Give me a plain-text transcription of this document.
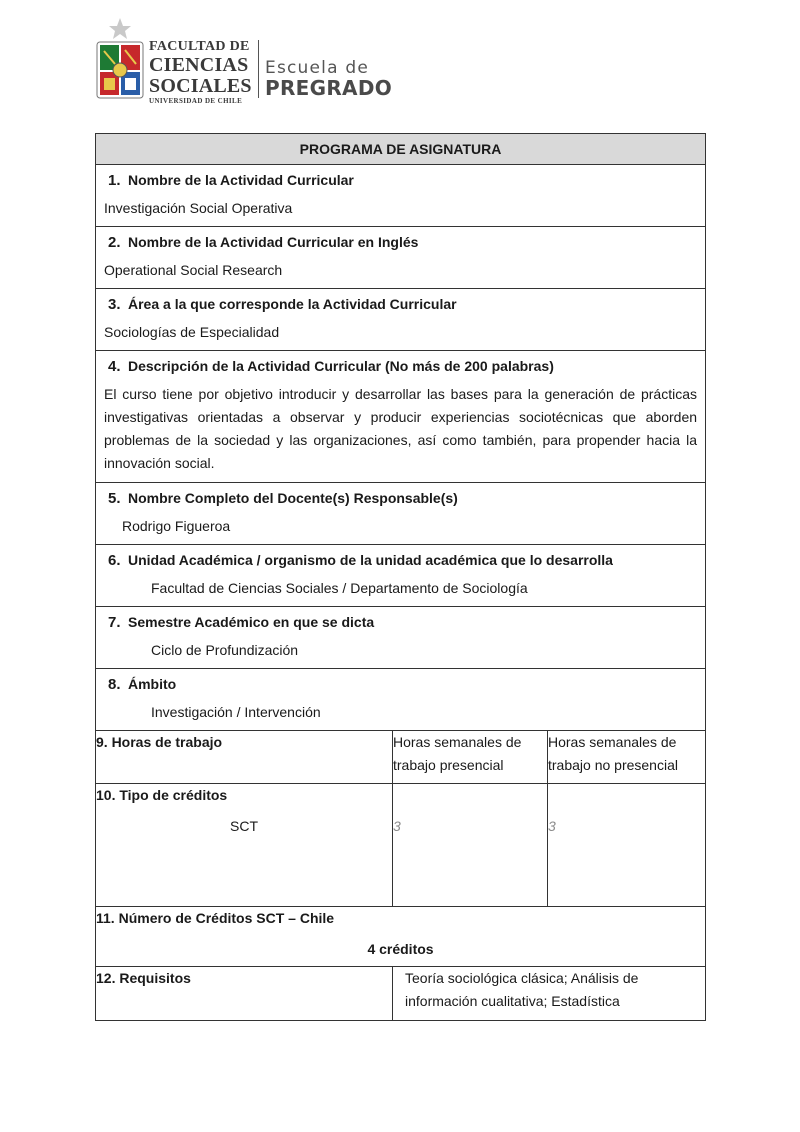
FACULTAD DE
CIENCIAS
SOCIALES
UNIVERSIDAD DE CHILE
Escuela de
PREGRADO
PROGRAMA DE ASIGNATURA		

1. Nombre de la Actividad Curricular
Investigación Social Operativa		

2. Nombre de la Actividad Curricular en Inglés
Operational Social Research		

3. Área a la que corresponde la Actividad Curricular
Sociologías de Especialidad		

4. Descripción de la Actividad Curricular (No más de 200 palabras)
El curso tiene por objetivo introducir y desarrollar las bases para la generación de prácticas investigativas orientadas a observar y producir experiencias sociotécnicas que aborden problemas de la sociedad y las organizaciones, así como también, para propender hacia la innovación social.		

5. Nombre Completo del Docente(s) Responsable(s)
Rodrigo Figueroa		

6. Unidad Académica / organismo de la unidad académica que lo desarrolla
Facultad de Ciencias Sociales / Departamento de Sociología		

7. Semestre Académico en que se dicta
Ciclo de Profundización		

8. Ámbito
Investigación / Intervención		

9. Horas de trabajo	Horas semanales de trabajo presencial	Horas semanales de trabajo no presencial

10. Tipo de créditos
SCT	3	3

11. Número de Créditos SCT – Chile
4 créditos		

12. Requisitos	Teoría sociológica clásica; Análisis de información cualitativa; Estadística	
